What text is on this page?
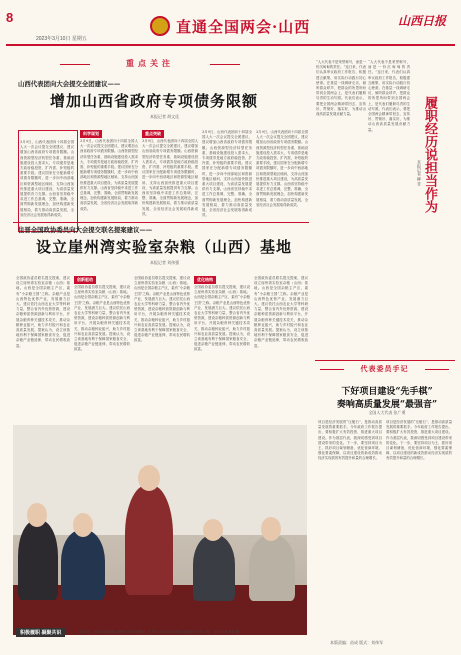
8
2023年3月10日 星期五
直通全国两会·山西	山西日报
重点关注
山西代表团向大会提交全团建议——
增加山西省政府专项债务限额
本报记者 胡文佳
3月9日，山西代表团向十四届全国人大一次会议提交全团建议，建议增加山西省政府专项债务限额。山西资源型经济转型任务重，基础设施建设投入需求大，专项债券是地方政府稳投资、扩内需、补短板的重要手段。建议国家在分配新增专项债务限额时，进一步向中西部地区和资源型地区倾斜，支持山西加快推进重大项目建设，为高质量发展提供有力支撑。山西省坚持稳中求进工作总基调，完整、准确、全面贯彻新发展理念，加快构建新发展格局，着力推动高质量发展，全省经济社会发展取得新成效。
科学谋划
3月9日，山西代表团向十四届全国人大一次会议提交全团建议，建议增加山西省政府专项债务限额。山西资源型经济转型任务重，基础设施建设投入需求大，专项债券是地方政府稳投资、扩内需、补短板的重要手段。建议国家在分配新增专项债务限额时，进一步向中西部地区和资源型地区倾斜，支持山西加快推进重大项目建设，为高质量发展提供有力支撑。山西省坚持稳中求进工作总基调，完整、准确、全面贯彻新发展理念，加快构建新发展格局，着力推动高质量发展，全省经济社会发展取得新成效。
重点突破
3月9日，山西代表团向十四届全国人大一次会议提交全团建议，建议增加山西省政府专项债务限额。山西资源型经济转型任务重，基础设施建设投入需求大，专项债券是地方政府稳投资、扩内需、补短板的重要手段。建议国家在分配新增专项债务限额时，进一步向中西部地区和资源型地区倾斜，支持山西加快推进重大项目建设，为高质量发展提供有力支撑。山西省坚持稳中求进工作总基调，完整、准确、全面贯彻新发展理念，加快构建新发展格局，着力推动高质量发展，全省经济社会发展取得新成效。
3月9日，山西代表团向十四届全国人大一次会议提交全团建议，建议增加山西省政府专项债务限额。山西资源型经济转型任务重，基础设施建设投入需求大，专项债券是地方政府稳投资、扩内需、补短板的重要手段。建议国家在分配新增专项债务限额时，进一步向中西部地区和资源型地区倾斜，支持山西加快推进重大项目建设，为高质量发展提供有力支撑。山西省坚持稳中求进工作总基调，完整、准确、全面贯彻新发展理念，加快构建新发展格局，着力推动高质量发展，全省经济社会发展取得新成效。
3月9日，山西代表团向十四届全国人大一次会议提交全团建议，建议增加山西省政府专项债务限额。山西资源型经济转型任务重，基础设施建设投入需求大，专项债券是地方政府稳投资、扩内需、补短板的重要手段。建议国家在分配新增专项债务限额时，进一步向中西部地区和资源型地区倾斜，支持山西加快推进重大项目建设，为高质量发展提供有力支撑。山西省坚持稳中求进工作总基调，完整、准确、全面贯彻新发展理念，加快构建新发展格局，着力推动高质量发展，全省经济社会发展取得新成效。
住晋全国政协委员向大会提交联名提案建议——
设立崖州湾实验室杂粮（山西）基地
本报记者 刘伟强
全国政协委员联名提交提案，建议设立崖州湾实验室杂粮（山西）基地。山西是全国杂粮主产区，素有“小杂粮王国”之称。杂粮产业是山西特色优势产业，发展潜力巨大。建议依托山西农业大学等科研力量，整合省内外优势资源，建设杂粮种质资源创新与利用平台，开展杂粮育种关键技术攻关，推动杂粮种业振兴，助力乡村振兴和农业高质量发展。提案认为，设立该基地有利于保障国家粮食安全，促进杂粮产业链延伸，带动农民增收致富。
创新驱动
全国政协委员联名提交提案，建议设立崖州湾实验室杂粮（山西）基地。山西是全国杂粮主产区，素有“小杂粮王国”之称。杂粮产业是山西特色优势产业，发展潜力巨大。建议依托山西农业大学等科研力量，整合省内外优势资源，建设杂粮种质资源创新与利用平台，开展杂粮育种关键技术攻关，推动杂粮种业振兴，助力乡村振兴和农业高质量发展。提案认为，设立该基地有利于保障国家粮食安全，促进杂粮产业链延伸，带动农民增收致富。
全国政协委员联名提交提案，建议设立崖州湾实验室杂粮（山西）基地。山西是全国杂粮主产区，素有“小杂粮王国”之称。杂粮产业是山西特色优势产业，发展潜力巨大。建议依托山西农业大学等科研力量，整合省内外优势资源，建设杂粮种质资源创新与利用平台，开展杂粮育种关键技术攻关，推动杂粮种业振兴，助力乡村振兴和农业高质量发展。提案认为，设立该基地有利于保障国家粮食安全，促进杂粮产业链延伸，带动农民增收致富。
优化结构
全国政协委员联名提交提案，建议设立崖州湾实验室杂粮（山西）基地。山西是全国杂粮主产区，素有“小杂粮王国”之称。杂粮产业是山西特色优势产业，发展潜力巨大。建议依托山西农业大学等科研力量，整合省内外优势资源，建设杂粮种质资源创新与利用平台，开展杂粮育种关键技术攻关，推动杂粮种业振兴，助力乡村振兴和农业高质量发展。提案认为，设立该基地有利于保障国家粮食安全，促进杂粮产业链延伸，带动农民增收致富。
全国政协委员联名提交提案，建议设立崖州湾实验室杂粮（山西）基地。山西是全国杂粮主产区，素有“小杂粮王国”之称。杂粮产业是山西特色优势产业，发展潜力巨大。建议依托山西农业大学等科研力量，整合省内外优势资源，建设杂粮种质资源创新与利用平台，开展杂粮育种关键技术攻关，推动杂粮种业振兴，助力乡村振兴和农业高质量发展。提案认为，设立该基地有利于保障国家粮食安全，促进杂粮产业链延伸，带动农民增收致富。
积极履职 凝聚共识	3月9日，山西代表团审议政府工作报告期间，全国人大代表们就相关议题进行交流讨论。 本报记者 李雄 摄
“人大代表不是荣誉称号，而是一份沉甸甸的责任。”连日来，代表们认真审议政府工作报告，积极建言献策，用实际行动践行初心使命。在基层一线调研走访，倾听群众呼声，把群众的所思所盼带到全国两会上，是代表们履职尽责的生动写照。代表们表示，要把全国两会精神带回去，宣传好、贯彻好、落实好，为推动山西高质量发展贡献力量。
“人大代表不是荣誉称号，而是一份沉甸甸的责任。”连日来，代表们认真审议政府工作报告，积极建言献策，用实际行动践行初心使命。在基层一线调研走访，倾听群众呼声，把群众的所思所盼带到全国两会上，是代表们履职尽责的生动写照。代表们表示，要把全国两会精神带回去，宣传好、贯彻好、落实好，为推动山西高质量发展贡献力量。	履职经历说担当作为
本报记者 柳 青
代表委员手记
下好项目建设“先手棋”
奏响高质量发展“最强音”
全国人大代表 张广勇
项目是经济发展的“压舱石”，是推动高质量发展的重要抓手。今年政府工作报告提出，要积极扩大有效投资，推进重大项目建设。作为基层代表，我深切感受到项目建设带来的变化。下一步，要坚持项目为王，抓好项目谋划储备，优化营商环境，强化要素保障，以项目建设的新成效推动经济实现质的有效提升和量的合理增长。
项目是经济发展的“压舱石”，是推动高质量发展的重要抓手。今年政府工作报告提出，要积极扩大有效投资，推进重大项目建设。作为基层代表，我深切感受到项目建设带来的变化。下一步，要坚持项目为王，抓好项目谋划储备，优化营商环境，强化要素保障，以项目建设的新成效推动经济实现质的有效提升和量的合理增长。
本版责编：苗成 版式：刘伟军
